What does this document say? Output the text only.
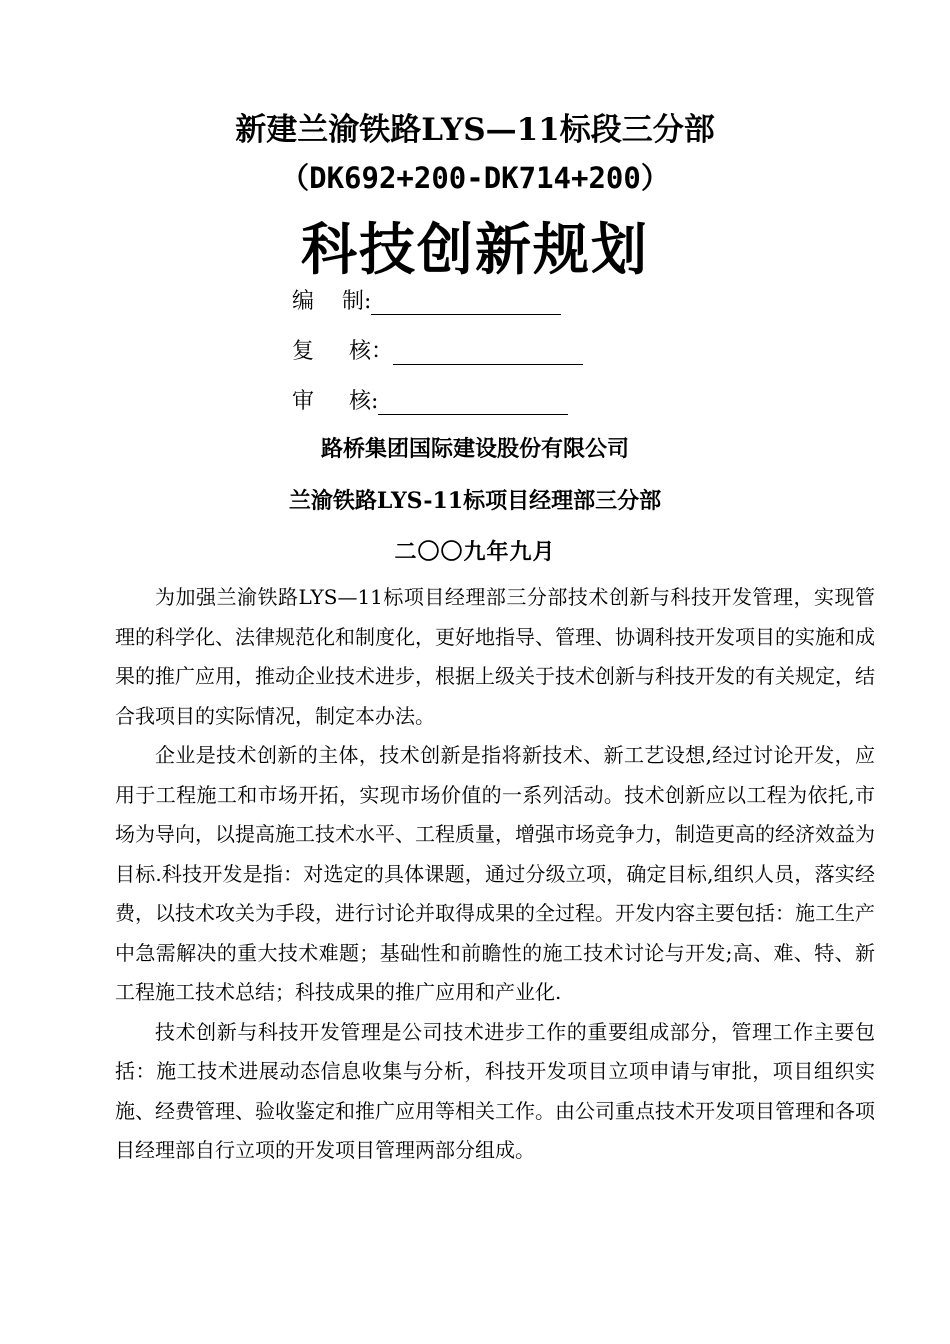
新建兰渝铁路LYS—11标段三分部
（DK692+200-DK714+200）
科技创新规划
编    制:
复     核：
审     核:
路桥集团国际建设股份有限公司
兰渝铁路LYS-11标项目经理部三分部
二〇〇九年九月

为加强兰渝铁路LYS—11标项目经理部三分部技术创新与科技开发管理，实现管理的科学化、法律规范化和制度化，更好地指导、管理、协调科技开发项目的实施和成果的推广应用，推动企业技术进步，根据上级关于技术创新与科技开发的有关规定，结合我项目的实际情况，制定本办法。

企业是技术创新的主体，技术创新是指将新技术、新工艺设想,经过讨论开发，应用于工程施工和市场开拓，实现市场价值的一系列活动。技术创新应以工程为依托,市场为导向，以提高施工技术水平、工程质量，增强市场竞争力，制造更高的经济效益为目标.科技开发是指：对选定的具体课题，通过分级立项，确定目标,组织人员，落实经费，以技术攻关为手段，进行讨论并取得成果的全过程。开发内容主要包括：施工生产中急需解决的重大技术难题；基础性和前瞻性的施工技术讨论与开发;高、难、特、新工程施工技术总结；科技成果的推广应用和产业化.

技术创新与科技开发管理是公司技术进步工作的重要组成部分，管理工作主要包括：施工技术进展动态信息收集与分析，科技开发项目立项申请与审批，项目组织实施、经费管理、验收鉴定和推广应用等相关工作。由公司重点技术开发项目管理和各项目经理部自行立项的开发项目管理两部分组成。
